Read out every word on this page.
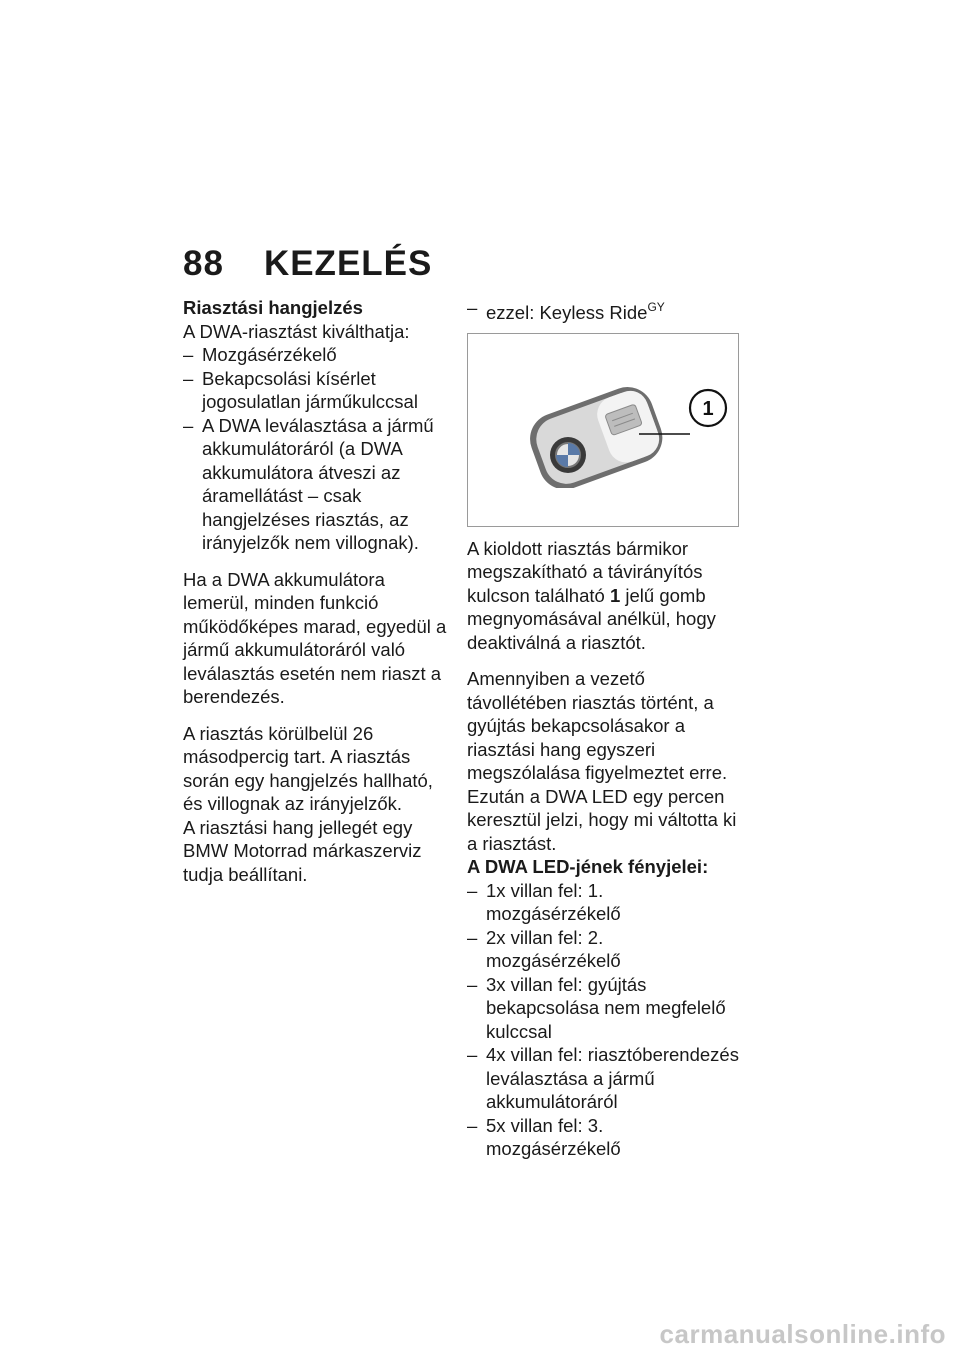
88 KEZELÉS

Riasztási hangjelzés

A DWA-riasztást kiválthatja:

– Mozgásérzékelő
– Bekapcsolási kísérlet jogosulatlan járműkulccsal
– A DWA leválasztása a jármű akkumulátoráról (a DWA akkumulátora átveszi az áramellátást – csak hangjelzéses riasztás, az irányjelzők nem villognak).

Ha a DWA akkumulátora lemerül, minden funkció működőképes marad, egyedül a jármű akkumulátoráról való leválasztás esetén nem riaszt a berendezés.

A riasztás körülbelül 26 másodpercig tart. A riasztás során egy hangjelzés hallható, és villognak az irányjelzők.

A riasztási hang jellegét egy BMW Motorrad márkaszerviz tudja beállítani.

– ezzel: Keyless Ride$^{GY}$
1

A kioldott riasztás bármikor megszakítható a távirányítós kulcson található 1 jelű gomb megnyomásával anélkül, hogy deaktiválná a riasztót.

Amennyiben a vezető távollétében riasztás történt, a gyújtás bekapcsolásakor a riasztási hang egyszeri megszólalása figyelmeztet erre. Ezután a DWA LED egy percen keresztül jelzi, hogy mi váltotta ki a riasztást.

A DWA LED-jének fényjelei:

– 1x villan fel: 1. mozgásérzékelő
– 2x villan fel: 2. mozgásérzékelő
– 3x villan fel: gyújtás bekapcsolása nem megfelelő kulccsal
– 4x villan fel: riasztóberendezés leválasztása a jármű akkumulátoráról
– 5x villan fel: 3. mozgásérzékelő
carmanualsonline.info
